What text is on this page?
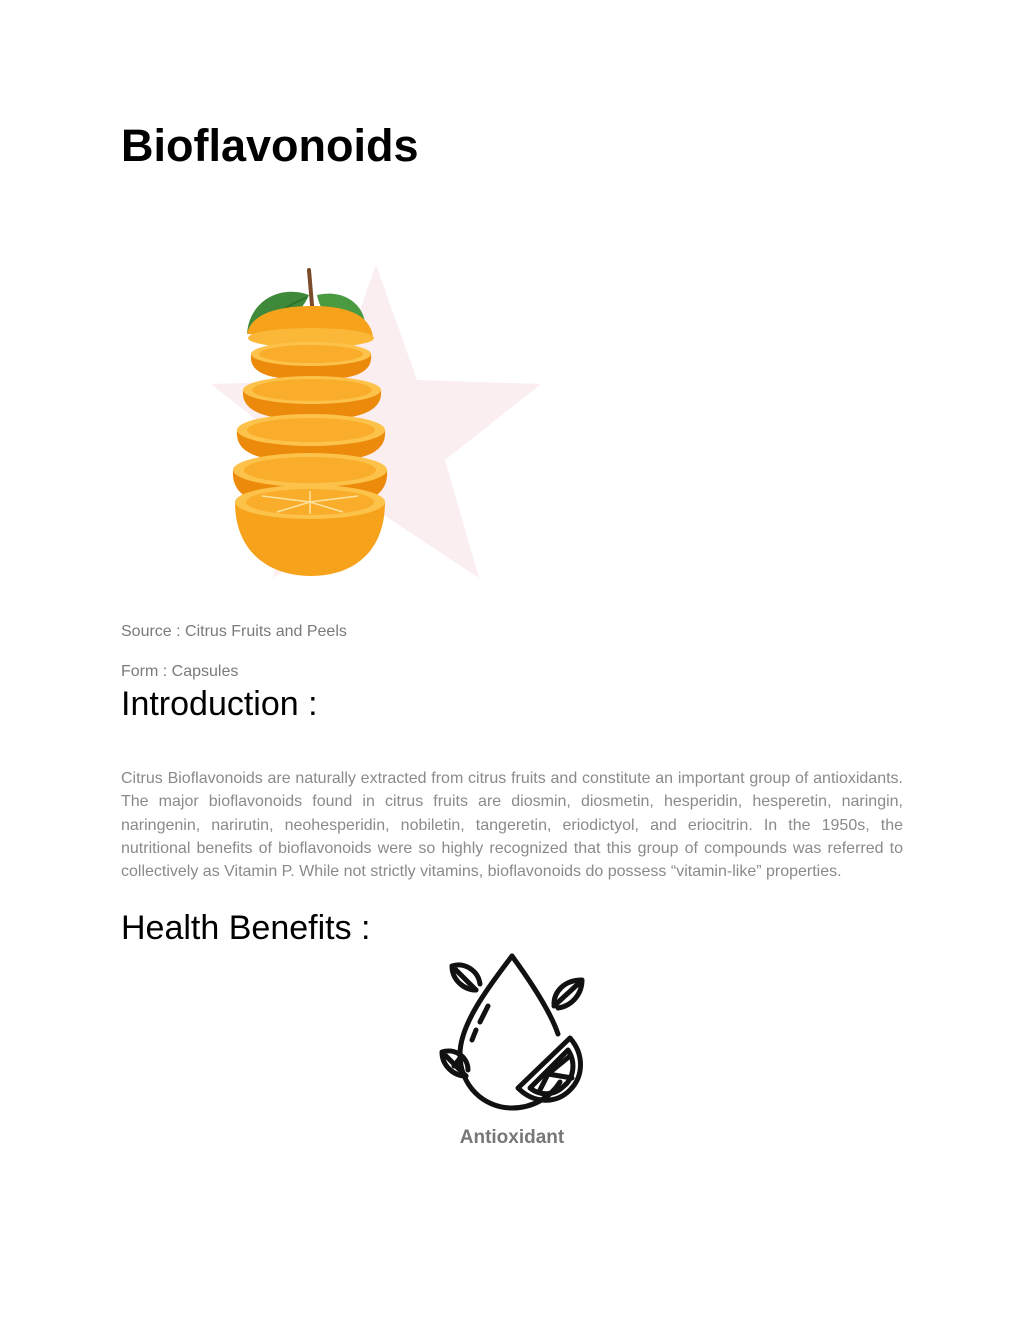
Bioflavonoids
Source : Citrus Fruits and Peels
Form : Capsules
Introduction :

Citrus Bioflavonoids are naturally extracted from citrus fruits and constitute an important group of antioxidants. The major bioflavonoids found in citrus fruits are diosmin, diosmetin, hesperidin, hesperetin, naringin, naringenin, narirutin, neohesperidin, nobiletin, tangeretin, eriodictyol, and eriocitrin. In the 1950s, the nutritional benefits of bioflavonoids were so highly recognized that this group of compounds was referred to collectively as Vitamin P. While not strictly vitamins, bioflavonoids do possess “vitamin-like” properties.

Health Benefits :
Antioxidant
